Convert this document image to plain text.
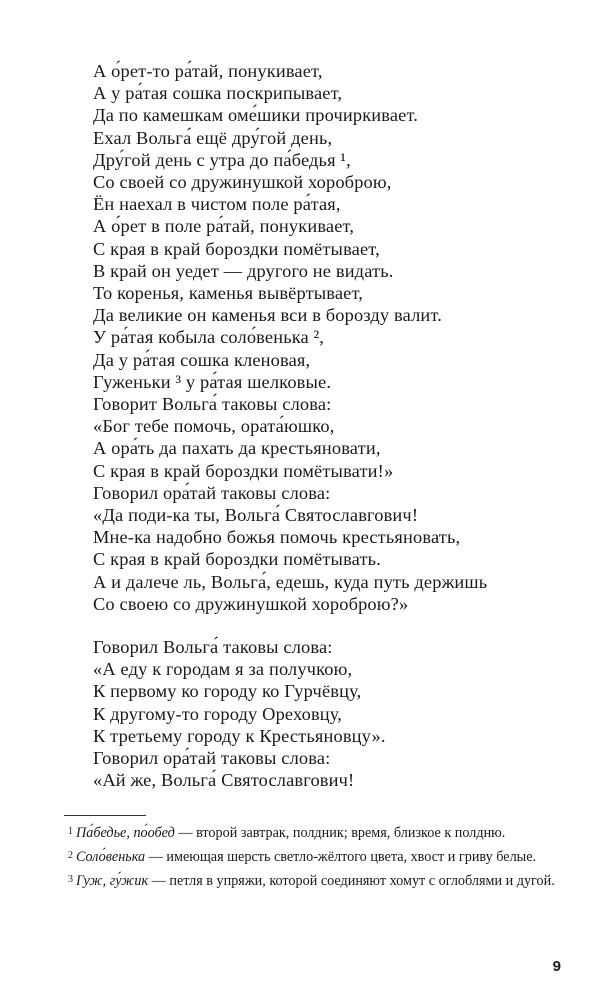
А о́рет-то ра́тай, понукивает,
А у ра́тая сошка поскрипывает,
Да по камешкам оме́шики прочиркивает.
Ехал Вольга́ ещё дру́гой день,
Дру́гой день с утра до па́бедья ¹,
Со своей со дружинушкой хороброю,
Ён наехал в чистом поле ра́тая,
А о́рет в поле ра́тай, понукивает,
С края в край бороздки помётывает,
В край он уедет — другого не видать.
То коренья, каменья вывёртывает,
Да великие он каменья вси в борозду валит.
У ра́тая кобыла соло́венька ²,
Да у ра́тая сошка кленовая,
Гуженьки ³ у ра́тая шелковые.
Говорит Вольга́ таковы слова:
«Бог тебе помочь, ората́юшко,
А ора́ть да пахать да крестьяновати,
С края в край бороздки помётывати!»
Говорил ора́тай таковы слова:
«Да поди-ка ты, Вольга́ Святославгович!
Мне-ка надобно божья помочь крестьяновать,
С края в край бороздки помётывать.
А и далече ль, Вольга́, едешь, куда путь держишь
Со своею со дружинушкой хороброю?»
Говорил Вольга́ таковы слова:
«А еду к городам я за получкою,
К первому ко городу ко Гурчёвцу,
К другому-то городу Ореховцу,
К третьему городу к Крестьяновцу».
Говорил ора́тай таковы слова:
«Ай же, Вольга́ Святославгович!

$^1$ Па́бедье, по́обед — второй завтрак, полдник; время, близкое к полдню.

$^2$ Соло́венька — имеющая шерсть светло-жёлтого цвета, хвост и гриву белые.

$^3$ Гуж, гу́жик — петля в упряжи, которой соединяют хомут с оглоблями и дугой.

9
